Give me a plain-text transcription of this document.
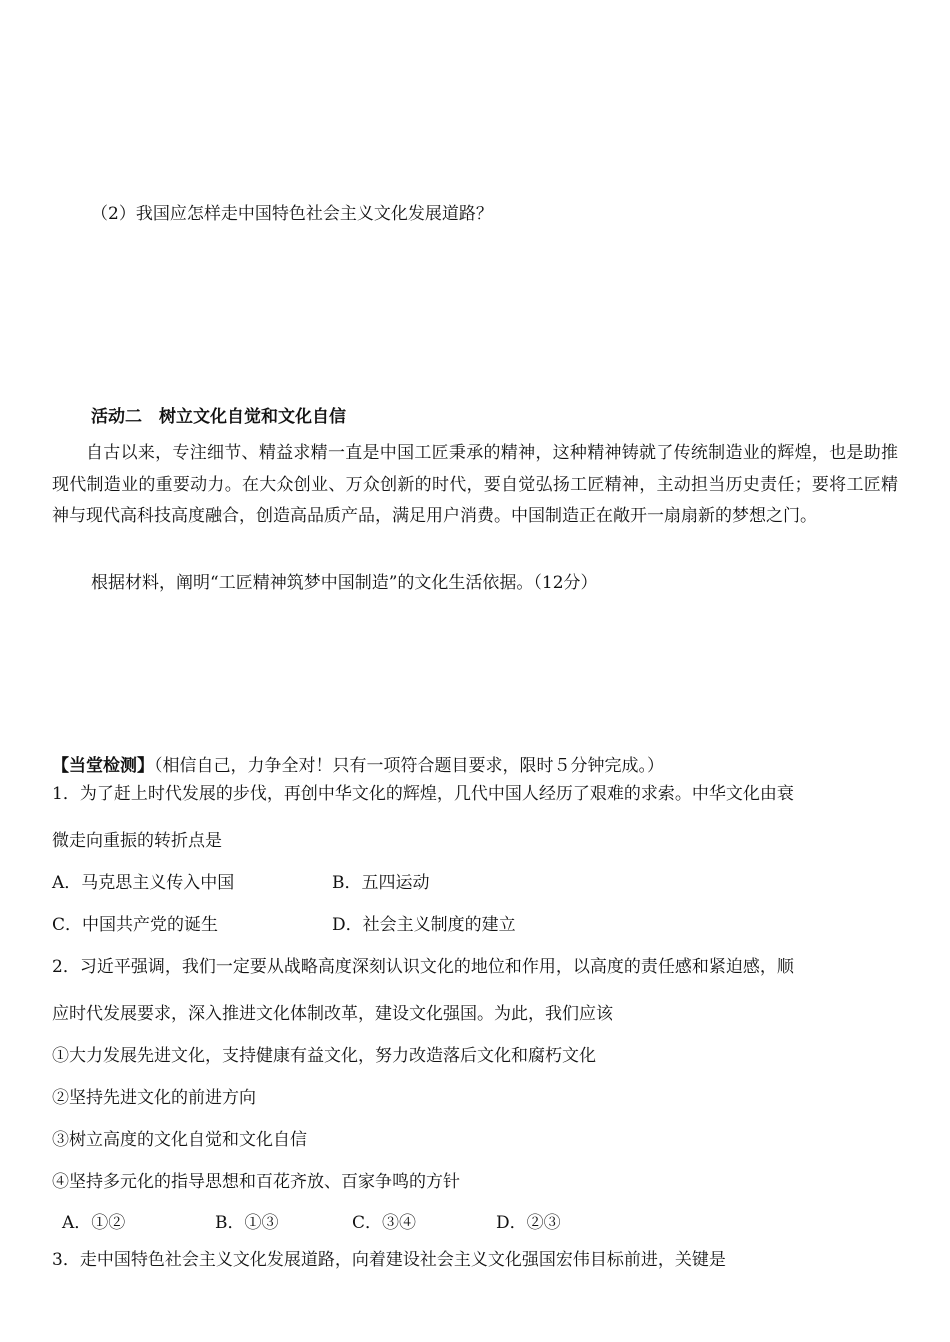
（2）我国应怎样走中国特色社会主义文化发展道路？
活动二　树立文化自觉和文化自信
自古以来，专注细节、精益求精一直是中国工匠秉承的精神，这种精神铸就了传统制造业的辉煌，也是助推现代制造业的重要动力。在大众创业、万众创新的时代，要自觉弘扬工匠精神，主动担当历史责任；要将工匠精神与现代高科技高度融合，创造高品质产品，满足用户消费。中国制造正在敞开一扇扇新的梦想之门。
根据材料，阐明“工匠精神筑梦中国制造”的文化生活依据。（12分）
【当堂检测】（相信自己，力争全对！只有一项符合题目要求，限时５分钟完成。）
1．为了赶上时代发展的步伐，再创中华文化的辉煌，几代中国人经历了艰难的求索。中华文化由衰
微走向重振的转折点是
A．马克思主义传入中国	B．五四运动
C．中国共产党的诞生	D．社会主义制度的建立
2．习近平强调，我们一定要从战略高度深刻认识文化的地位和作用，以高度的责任感和紧迫感，顺
应时代发展要求，深入推进文化体制改革，建设文化强国。为此，我们应该
①大力发展先进文化，支持健康有益文化，努力改造落后文化和腐朽文化
②坚持先进文化的前进方向
③树立高度的文化自觉和文化自信
④坚持多元化的指导思想和百花齐放、百家争鸣的方针
A．①②	B．①③	C．③④	D．②③
3．走中国特色社会主义文化发展道路，向着建设社会主义文化强国宏伟目标前进，关键是
